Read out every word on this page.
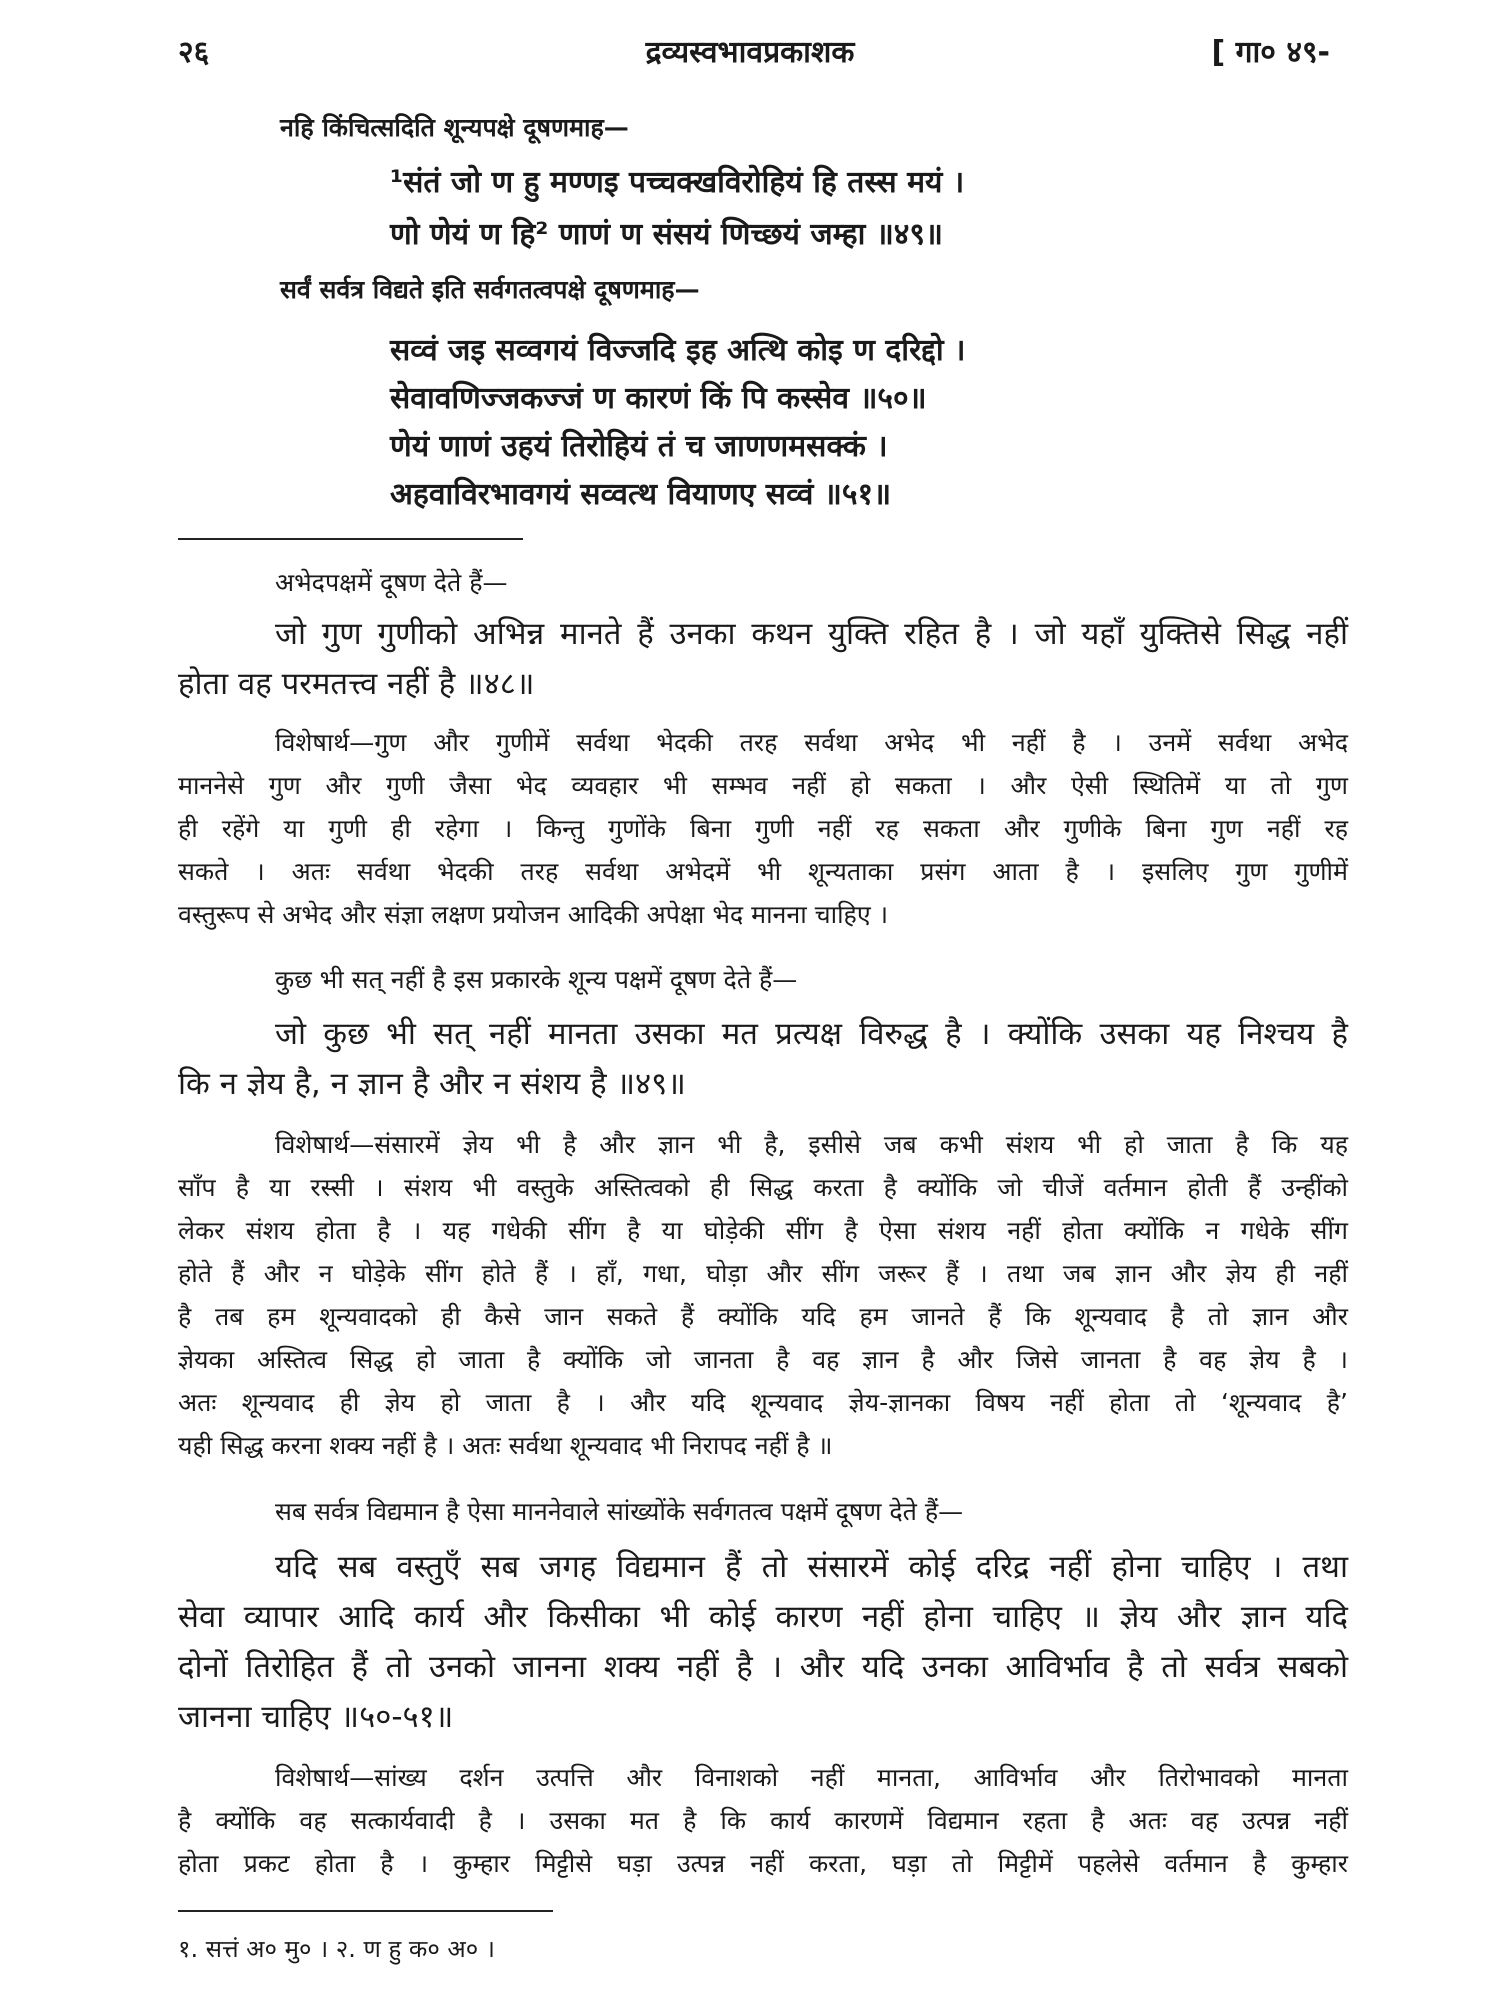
२६	द्रव्यस्वभावप्रकाशक	[ गा० ४९-
नहि किंचित्सदिति शून्यपक्षे दूषणमाह—
¹संतं जो ण हु मण्णइ पच्चक्खविरोहियं हि तस्स मयं ।
णो णेयं ण हि² णाणं ण संसयं णिच्छयं जम्हा ॥४९॥
सर्वं सर्वत्र विद्यते इति सर्वगतत्वपक्षे दूषणमाह—
सव्वं जइ सव्वगयं विज्जदि इह अत्थि कोइ ण दरिद्दो ।
सेवावणिज्जकज्जं ण कारणं किं पि कस्सेव ॥५०॥
णेयं णाणं उहयं तिरोहियं तं च जाणणमसक्कं ।
अहवाविरभावगयं सव्वत्थ वियाणए सव्वं ॥५१॥
अभेदपक्षमें दूषण देते हैं—
जो गुण गुणीको अभिन्न मानते हैं उनका कथन युक्ति रहित है । जो यहाँ युक्तिसे सिद्ध नहीं
होता वह परमतत्त्व नहीं है ॥४८॥
विशेषार्थ—गुण और गुणीमें सर्वथा भेदकी तरह सर्वथा अभेद भी नहीं है । उनमें सर्वथा अभेद
माननेसे गुण और गुणी जैसा भेद व्यवहार भी सम्भव नहीं हो सकता । और ऐसी स्थितिमें या तो गुण
ही रहेंगे या गुणी ही रहेगा । किन्तु गुणोंके बिना गुणी नहीं रह सकता और गुणीके बिना गुण नहीं रह
सकते । अतः सर्वथा भेदकी तरह सर्वथा अभेदमें भी शून्यताका प्रसंग आता है । इसलिए गुण गुणीमें
वस्तुरूप से अभेद और संज्ञा लक्षण प्रयोजन आदिकी अपेक्षा भेद मानना चाहिए ।
कुछ भी सत् नहीं है इस प्रकारके शून्य पक्षमें दूषण देते हैं—
जो कुछ भी सत् नहीं मानता उसका मत प्रत्यक्ष विरुद्ध है । क्योंकि उसका यह निश्चय है
कि न ज्ञेय है, न ज्ञान है और न संशय है ॥४९॥
विशेषार्थ—संसारमें ज्ञेय भी है और ज्ञान भी है, इसीसे जब कभी संशय भी हो जाता है कि यह
साँप है या रस्सी । संशय भी वस्तुके अस्तित्वको ही सिद्ध करता है क्योंकि जो चीजें वर्तमान होती हैं उन्हींको
लेकर संशय होता है । यह गधेकी सींग है या घोड़ेकी सींग है ऐसा संशय नहीं होता क्योंकि न गधेके सींग
होते हैं और न घोड़ेके सींग होते हैं । हाँ, गधा, घोड़ा और सींग जरूर हैं । तथा जब ज्ञान और ज्ञेय ही नहीं
है तब हम शून्यवादको ही कैसे जान सकते हैं क्योंकि यदि हम जानते हैं कि शून्यवाद है तो ज्ञान और
ज्ञेयका अस्तित्व सिद्ध हो जाता है क्योंकि जो जानता है वह ज्ञान है और जिसे जानता है वह ज्ञेय है ।
अतः शून्यवाद ही ज्ञेय हो जाता है । और यदि शून्यवाद ज्ञेय-ज्ञानका विषय नहीं होता तो ‘शून्यवाद है’
यही सिद्ध करना शक्य नहीं है । अतः सर्वथा शून्यवाद भी निरापद नहीं है ॥
सब सर्वत्र विद्यमान है ऐसा माननेवाले सांख्योंके सर्वगतत्व पक्षमें दूषण देते हैं—
यदि सब वस्तुएँ सब जगह विद्यमान हैं तो संसारमें कोई दरिद्र नहीं होना चाहिए । तथा
सेवा व्यापार आदि कार्य और किसीका भी कोई कारण नहीं होना चाहिए ॥ ज्ञेय और ज्ञान यदि
दोनों तिरोहित हैं तो उनको जानना शक्य नहीं है । और यदि उनका आविर्भाव है तो सर्वत्र सबको
जानना चाहिए ॥५०-५१॥
विशेषार्थ—सांख्य दर्शन उत्पत्ति और विनाशको नहीं मानता, आविर्भाव और तिरोभावको मानता
है क्योंकि वह सत्कार्यवादी है । उसका मत है कि कार्य कारणमें विद्यमान रहता है अतः वह उत्पन्न नहीं
होता प्रकट होता है । कुम्हार मिट्टीसे घड़ा उत्पन्न नहीं करता, घड़ा तो मिट्टीमें पहलेसे वर्तमान है कुम्हार
१. सत्तं अ० मु० । २. ण हु क० अ० ।
